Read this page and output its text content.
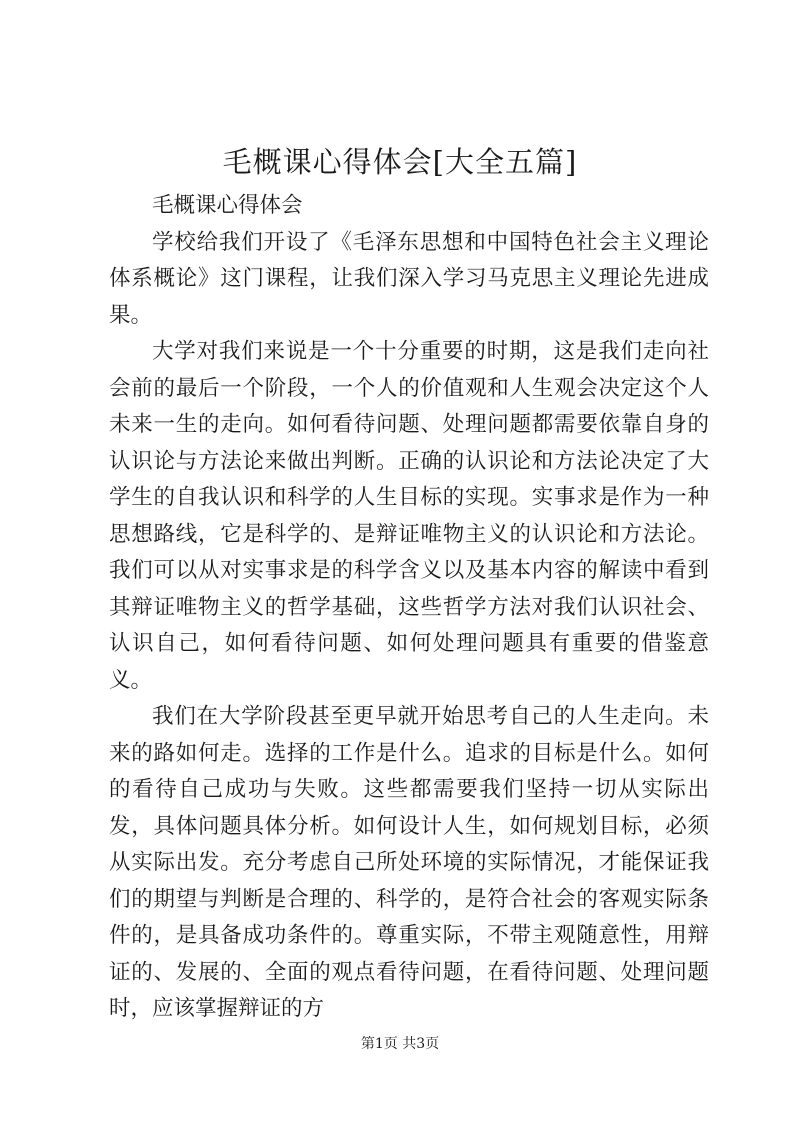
毛概课心得体会[大全五篇]

毛概课心得体会

学校给我们开设了《毛泽东思想和中国特色社会主义理论体系概论》这门课程，让我们深入学习马克思主义理论先进成果。

大学对我们来说是一个十分重要的时期，这是我们走向社会前的最后一个阶段，一个人的价值观和人生观会决定这个人未来一生的走向。如何看待问题、处理问题都需要依靠自身的认识论与方法论来做出判断。正确的认识论和方法论决定了大学生的自我认识和科学的人生目标的实现。实事求是作为一种思想路线，它是科学的、是辩证唯物主义的认识论和方法论。我们可以从对实事求是的科学含义以及基本内容的解读中看到其辩证唯物主义的哲学基础，这些哲学方法对我们认识社会、认识自己，如何看待问题、如何处理问题具有重要的借鉴意义。

我们在大学阶段甚至更早就开始思考自己的人生走向。未来的路如何走。选择的工作是什么。追求的目标是什么。如何的看待自己成功与失败。这些都需要我们坚持一切从实际出发，具体问题具体分析。如何设计人生，如何规划目标，必须从实际出发。充分考虑自己所处环境的实际情况，才能保证我们的期望与判断是合理的、科学的，是符合社会的客观实际条件的，是具备成功条件的。尊重实际，不带主观随意性，用辩证的、发展的、全面的观点看待问题，在看待问题、处理问题时，应该掌握辩证的方

第1页 共3页
